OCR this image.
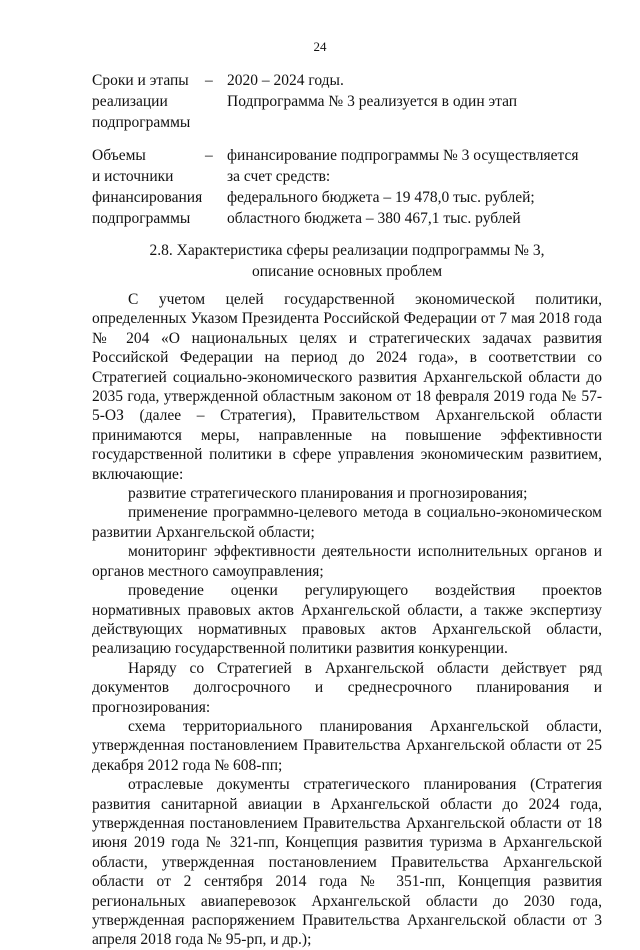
24
Сроки и этапы
реализации
подпрограммы
– 2020 – 2024 годы.
Подпрограмма № 3 реализуется в один этап
Объемы
и источники
финансирования
подпрограммы
– финансирование подпрограммы № 3 осуществляется
за счет средств:
федерального бюджета – 19 478,0 тыс. рублей;
областного бюджета – 380 467,1 тыс. рублей
2.8. Характеристика сферы реализации подпрограммы № 3,
описание основных проблем

С учетом целей государственной экономической политики, определенных Указом Президента Российской Федерации от 7 мая 2018 года № 204 «О национальных целях и стратегических задачах развития Российской Федерации на период до 2024 года», в соответствии со Стратегией социально-экономического развития Архангельской области до 2035 года, утвержденной областным законом от 18 февраля 2019 года № 57-5-ОЗ (далее – Стратегия), Правительством Архангельской области принимаются меры, направленные на повышение эффективности государственной политики в сфере управления экономическим развитием, включающие:

развитие стратегического планирования и прогнозирования;

применение программно-целевого метода в социально-экономическом развитии Архангельской области;

мониторинг эффективности деятельности исполнительных органов и органов местного самоуправления;

проведение оценки регулирующего воздействия проектов нормативных правовых актов Архангельской области, а также экспертизу действующих нормативных правовых актов Архангельской области, реализацию государственной политики развития конкуренции.

Наряду со Стратегией в Архангельской области действует ряд документов долгосрочного и среднесрочного планирования и прогнозирования:

схема территориального планирования Архангельской области, утвержденная постановлением Правительства Архангельской области от 25 декабря 2012 года № 608-пп;

отраслевые документы стратегического планирования (Стратегия развития санитарной авиации в Архангельской области до 2024 года, утвержденная постановлением Правительства Архангельской области от 18 июня 2019 года № 321-пп, Концепция развития туризма в Архангельской области, утвержденная постановлением Правительства Архангельской области от 2 сентября 2014 года № 351-пп, Концепция развития региональных авиаперевозок Архангельской области до 2030 года, утвержденная распоряжением Правительства Архангельской области от 3 апреля 2018 года № 95-рп, и др.);
